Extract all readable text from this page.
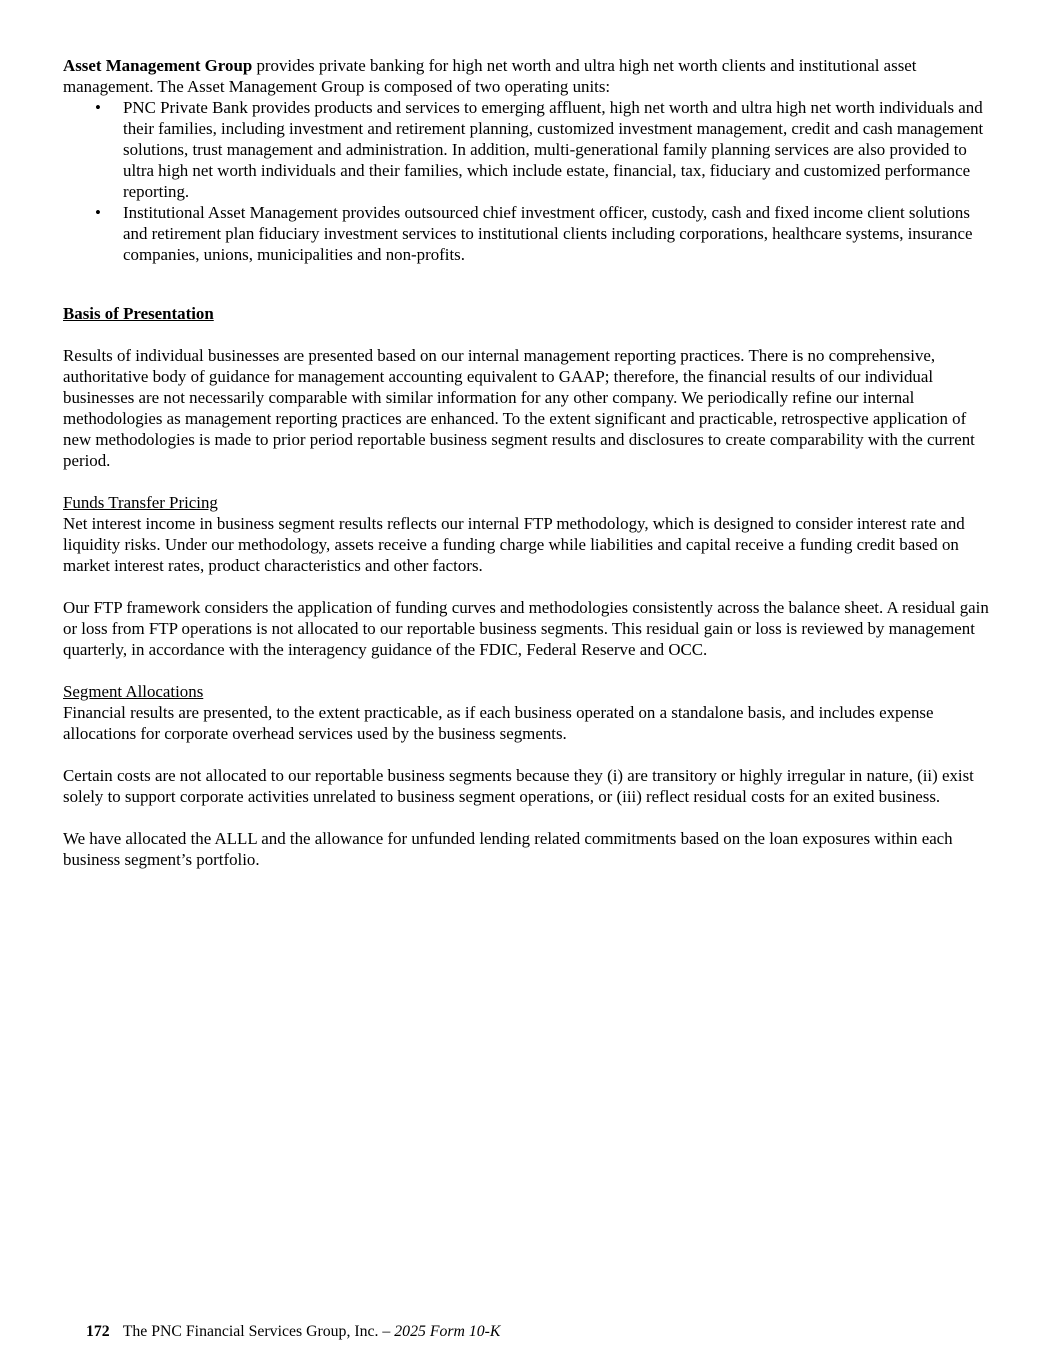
Asset Management Group provides private banking for high net worth and ultra high net worth clients and institutional asset management. The Asset Management Group is composed of two operating units:

• PNC Private Bank provides products and services to emerging affluent, high net worth and ultra high net worth individuals and their families, including investment and retirement planning, customized investment management, credit and cash management solutions, trust management and administration. In addition, multi-generational family planning services are also provided to ultra high net worth individuals and their families, which include estate, financial, tax, fiduciary and customized performance reporting.
• Institutional Asset Management provides outsourced chief investment officer, custody, cash and fixed income client solutions and retirement plan fiduciary investment services to institutional clients including corporations, healthcare systems, insurance companies, unions, municipalities and non-profits.

Basis of Presentation

Results of individual businesses are presented based on our internal management reporting practices. There is no comprehensive, authoritative body of guidance for management accounting equivalent to GAAP; therefore, the financial results of our individual businesses are not necessarily comparable with similar information for any other company. We periodically refine our internal methodologies as management reporting practices are enhanced. To the extent significant and practicable, retrospective application of new methodologies is made to prior period reportable business segment results and disclosures to create comparability with the current period.

Funds Transfer Pricing

Net interest income in business segment results reflects our internal FTP methodology, which is designed to consider interest rate and liquidity risks. Under our methodology, assets receive a funding charge while liabilities and capital receive a funding credit based on market interest rates, product characteristics and other factors.

Our FTP framework considers the application of funding curves and methodologies consistently across the balance sheet. A residual gain or loss from FTP operations is not allocated to our reportable business segments. This residual gain or loss is reviewed by management quarterly, in accordance with the interagency guidance of the FDIC, Federal Reserve and OCC.

Segment Allocations

Financial results are presented, to the extent practicable, as if each business operated on a standalone basis, and includes expense allocations for corporate overhead services used by the business segments.

Certain costs are not allocated to our reportable business segments because they (i) are transitory or highly irregular in nature, (ii) exist solely to support corporate activities unrelated to business segment operations, or (iii) reflect residual costs for an exited business.

We have allocated the ALLL and the allowance for unfunded lending related commitments based on the loan exposures within each business segment’s portfolio.

172 The PNC Financial Services Group, Inc. – 2025 Form 10-K
